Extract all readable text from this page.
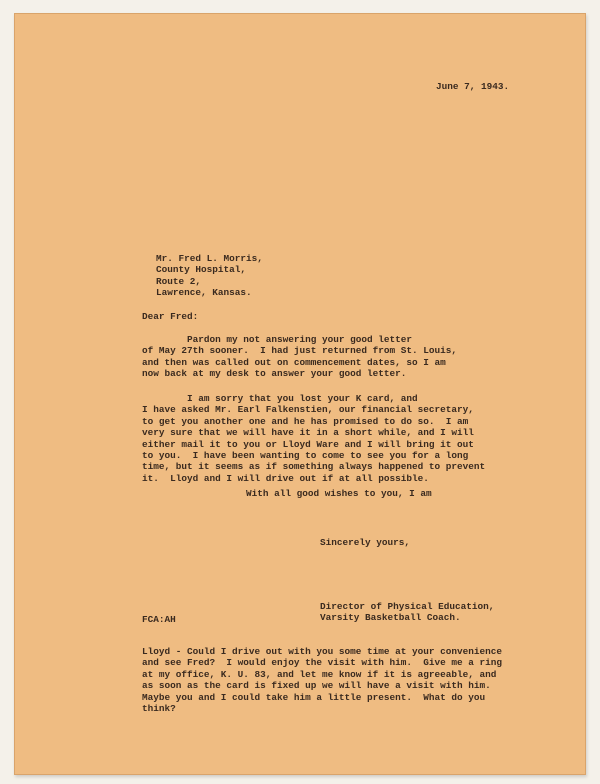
June 7, 1943.
Mr. Fred L. Morris,
County Hospital,
Route 2,
Lawrence, Kansas.
Dear Fred:
Pardon my not answering your good letter
of May 27th sooner.  I had just returned from St. Louis,
and then was called out on commencement dates, so I am
now back at my desk to answer your good letter.
I am sorry that you lost your K card, and
I have asked Mr. Earl Falkenstien, our financial secretary,
to get you another one and he has promised to do so.  I am
very sure that we will have it in a short while, and I will
either mail it to you or Lloyd Ware and I will bring it out
to you.  I have been wanting to come to see you for a long
time, but it seems as if something always happened to prevent
it.  Lloyd and I will drive out if at all possible.
With all good wishes to you, I am
Sincerely yours,
Director of Physical Education,
Varsity Basketball Coach.
FCA:AH
Lloyd - Could I drive out with you some time at your convenience
and see Fred?  I would enjoy the visit with him.  Give me a ring
at my office, K. U. 83, and let me know if it is agreeable, and
as soon as the card is fixed up we will have a visit with him.
Maybe you and I could take him a little present.  What do you
think?
